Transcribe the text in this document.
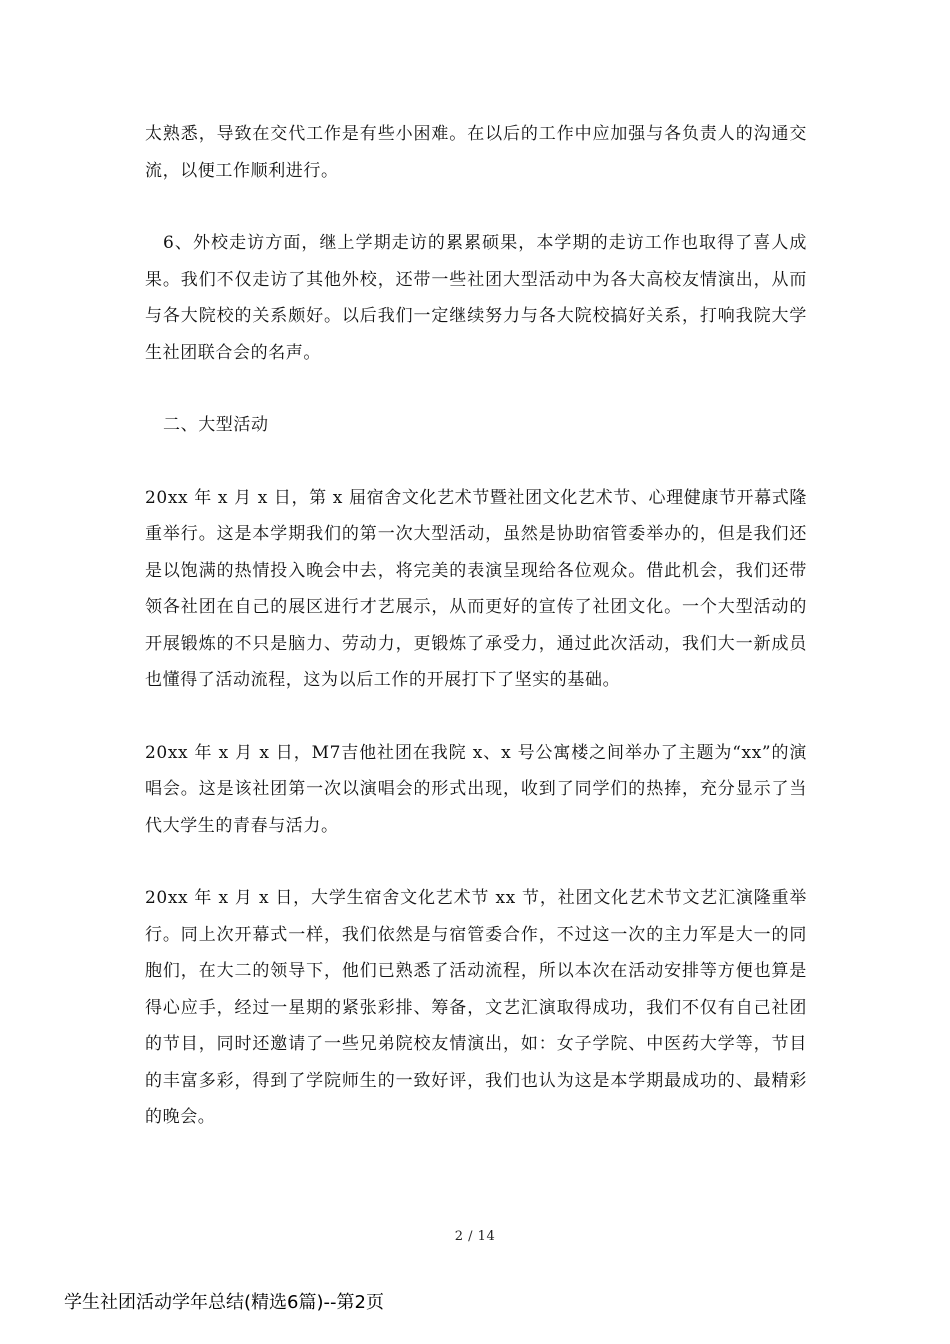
太熟悉，导致在交代工作是有些小困难。在以后的工作中应加强与各负责人的沟通交流，以便工作顺利进行。

6、外校走访方面，继上学期走访的累累硕果，本学期的走访工作也取得了喜人成果。我们不仅走访了其他外校，还带一些社团大型活动中为各大高校友情演出，从而与各大院校的关系颇好。以后我们一定继续努力与各大院校搞好关系，打响我院大学生社团联合会的名声。

二、大型活动

20xx 年 x 月 x 日，第 x 届宿舍文化艺术节暨社团文化艺术节、心理健康节开幕式隆重举行。这是本学期我们的第一次大型活动，虽然是协助宿管委举办的，但是我们还是以饱满的热情投入晚会中去，将完美的表演呈现给各位观众。借此机会，我们还带领各社团在自己的展区进行才艺展示，从而更好的宣传了社团文化。一个大型活动的开展锻炼的不只是脑力、劳动力，更锻炼了承受力，通过此次活动，我们大一新成员也懂得了活动流程，这为以后工作的开展打下了坚实的基础。

20xx 年 x 月 x 日，M7吉他社团在我院 x、x 号公寓楼之间举办了主题为“xx”的演唱会。这是该社团第一次以演唱会的形式出现，收到了同学们的热捧，充分显示了当代大学生的青春与活力。

20xx 年 x 月 x 日，大学生宿舍文化艺术节 xx 节，社团文化艺术节文艺汇演隆重举行。同上次开幕式一样，我们依然是与宿管委合作，不过这一次的主力军是大一的同胞们，在大二的领导下，他们已熟悉了活动流程，所以本次在活动安排等方便也算是得心应手，经过一星期的紧张彩排、筹备，文艺汇演取得成功，我们不仅有自己社团的节目，同时还邀请了一些兄弟院校友情演出，如：女子学院、中医药大学等，节目的丰富多彩，得到了学院师生的一致好评，我们也认为这是本学期最成功的、最精彩的晚会。

2 / 14
学生社团活动学年总结(精选6篇)--第2页
